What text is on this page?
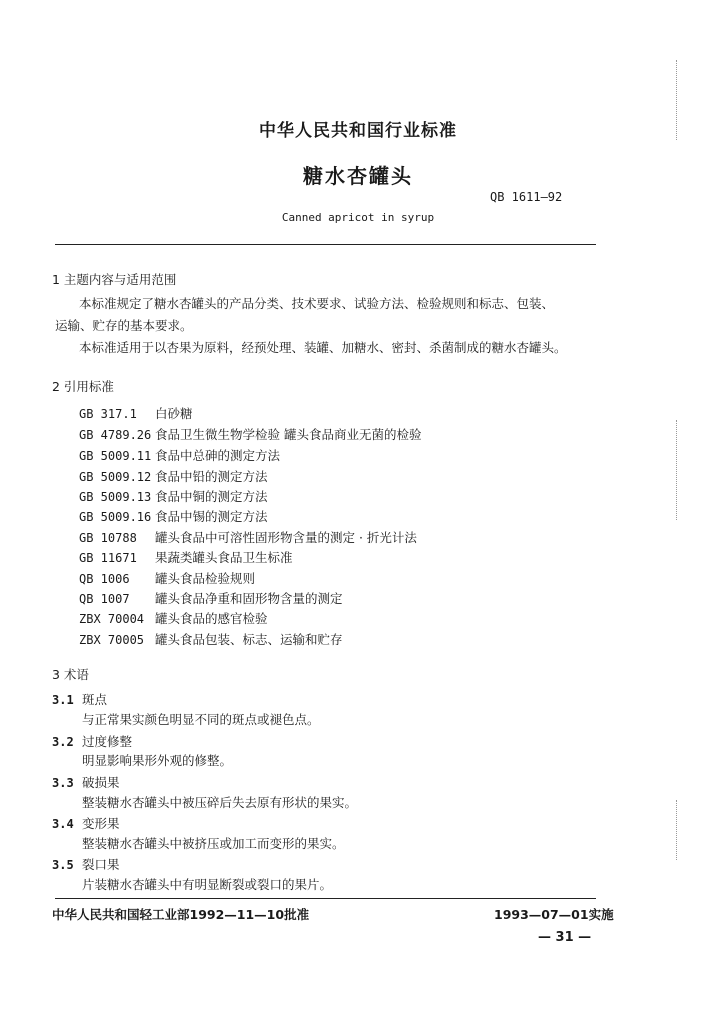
中华人民共和国行业标准
糖水杏罐头
QB 1611—92
Canned apricot in syrup
1 主题内容与适用范围
本标准规定了糖水杏罐头的产品分类、技术要求、试验方法、检验规则和标志、包装、
运输、贮存的基本要求。
本标准适用于以杏果为原料，经预处理、装罐、加糖水、密封、杀菌制成的糖水杏罐头。
2 引用标准
GB 317.1 白砂糖
GB 4789.26 食品卫生微生物学检验 罐头食品商业无菌的检验
GB 5009.11 食品中总砷的测定方法
GB 5009.12 食品中铅的测定方法
GB 5009.13 食品中铜的测定方法
GB 5009.16 食品中锡的测定方法
GB 10788 罐头食品中可溶性固形物含量的测定 · 折光计法
GB 11671 果蔬类罐头食品卫生标准
QB 1006 罐头食品检验规则
QB 1007 罐头食品净重和固形物含量的测定
ZBX 70004 罐头食品的感官检验
ZBX 70005 罐头食品包装、标志、运输和贮存
3 术语
3.1 斑点
与正常果实颜色明显不同的斑点或褪色点。
3.2 过度修整
明显影响果形外观的修整。
3.3 破损果
整装糖水杏罐头中被压碎后失去原有形状的果实。
3.4 变形果
整装糖水杏罐头中被挤压或加工而变形的果实。
3.5 裂口果
片装糖水杏罐头中有明显断裂或裂口的果片。
中华人民共和国轻工业部1992—11—10批准	1993—07—01实施
— 31 —
